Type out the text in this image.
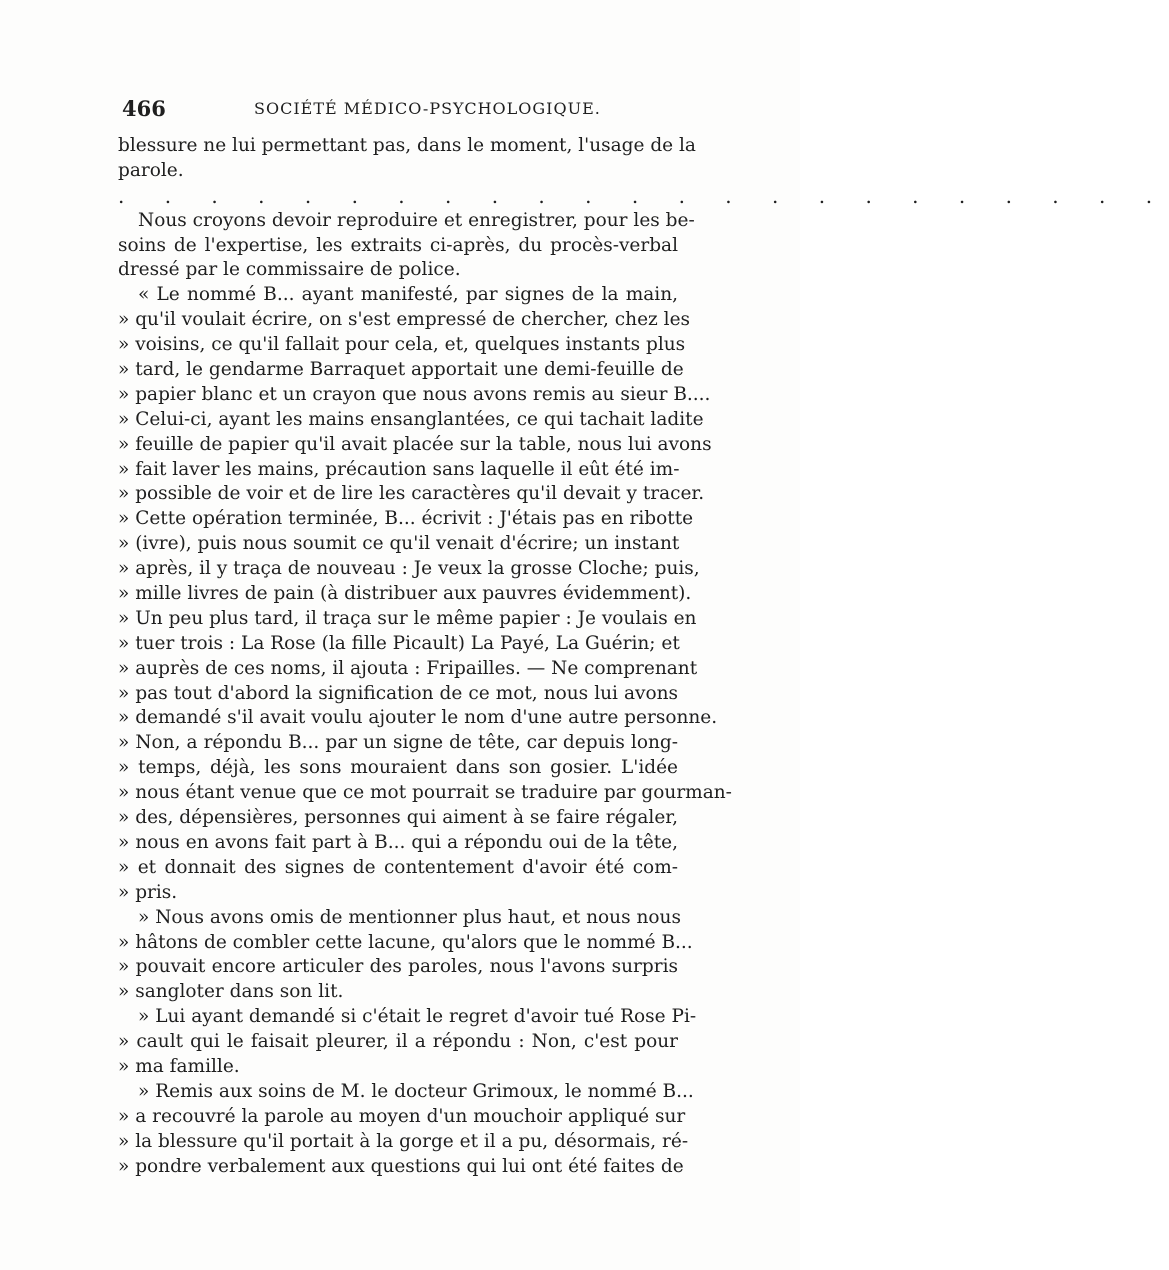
466	SOCIÉTÉ MÉDICO-PSYCHOLOGIQUE.
blessure ne lui permettant pas, dans le moment, l'usage de la
parole.
. . . . . . . . . . . . . . . . . . . . . . .
Nous croyons devoir reproduire et enregistrer, pour les be-
soins de l'expertise, les extraits ci-après, du procès-verbal
dressé par le commissaire de police.
« Le nommé B... ayant manifesté, par signes de la main,
» qu'il voulait écrire, on s'est empressé de chercher, chez les
» voisins, ce qu'il fallait pour cela, et, quelques instants plus
» tard, le gendarme Barraquet apportait une demi-feuille de
» papier blanc et un crayon que nous avons remis au sieur B....
» Celui-ci, ayant les mains ensanglantées, ce qui tachait ladite
» feuille de papier qu'il avait placée sur la table, nous lui avons
» fait laver les mains, précaution sans laquelle il eût été im-
» possible de voir et de lire les caractères qu'il devait y tracer.
» Cette opération terminée, B... écrivit : J'étais pas en ribotte
» (ivre), puis nous soumit ce qu'il venait d'écrire; un instant
» après, il y traça de nouveau : Je veux la grosse Cloche; puis,
» mille livres de pain (à distribuer aux pauvres évidemment).
» Un peu plus tard, il traça sur le même papier : Je voulais en
» tuer trois : La Rose (la fille Picault) La Payé, La Guérin; et
» auprès de ces noms, il ajouta : Fripailles. — Ne comprenant
» pas tout d'abord la signification de ce mot, nous lui avons
» demandé s'il avait voulu ajouter le nom d'une autre personne.
» Non, a répondu B... par un signe de tête, car depuis long-
» temps, déjà, les sons mouraient dans son gosier. L'idée
» nous étant venue que ce mot pourrait se traduire par gourman-
» des, dépensières, personnes qui aiment à se faire régaler,
» nous en avons fait part à B... qui a répondu oui de la tête,
» et donnait des signes de contentement d'avoir été com-
» pris.
» Nous avons omis de mentionner plus haut, et nous nous
» hâtons de combler cette lacune, qu'alors que le nommé B...
» pouvait encore articuler des paroles, nous l'avons surpris
» sangloter dans son lit.
» Lui ayant demandé si c'était le regret d'avoir tué Rose Pi-
» cault qui le faisait pleurer, il a répondu : Non, c'est pour
» ma famille.
» Remis aux soins de M. le docteur Grimoux, le nommé B...
» a recouvré la parole au moyen d'un mouchoir appliqué sur
» la blessure qu'il portait à la gorge et il a pu, désormais, ré-
» pondre verbalement aux questions qui lui ont été faites de
